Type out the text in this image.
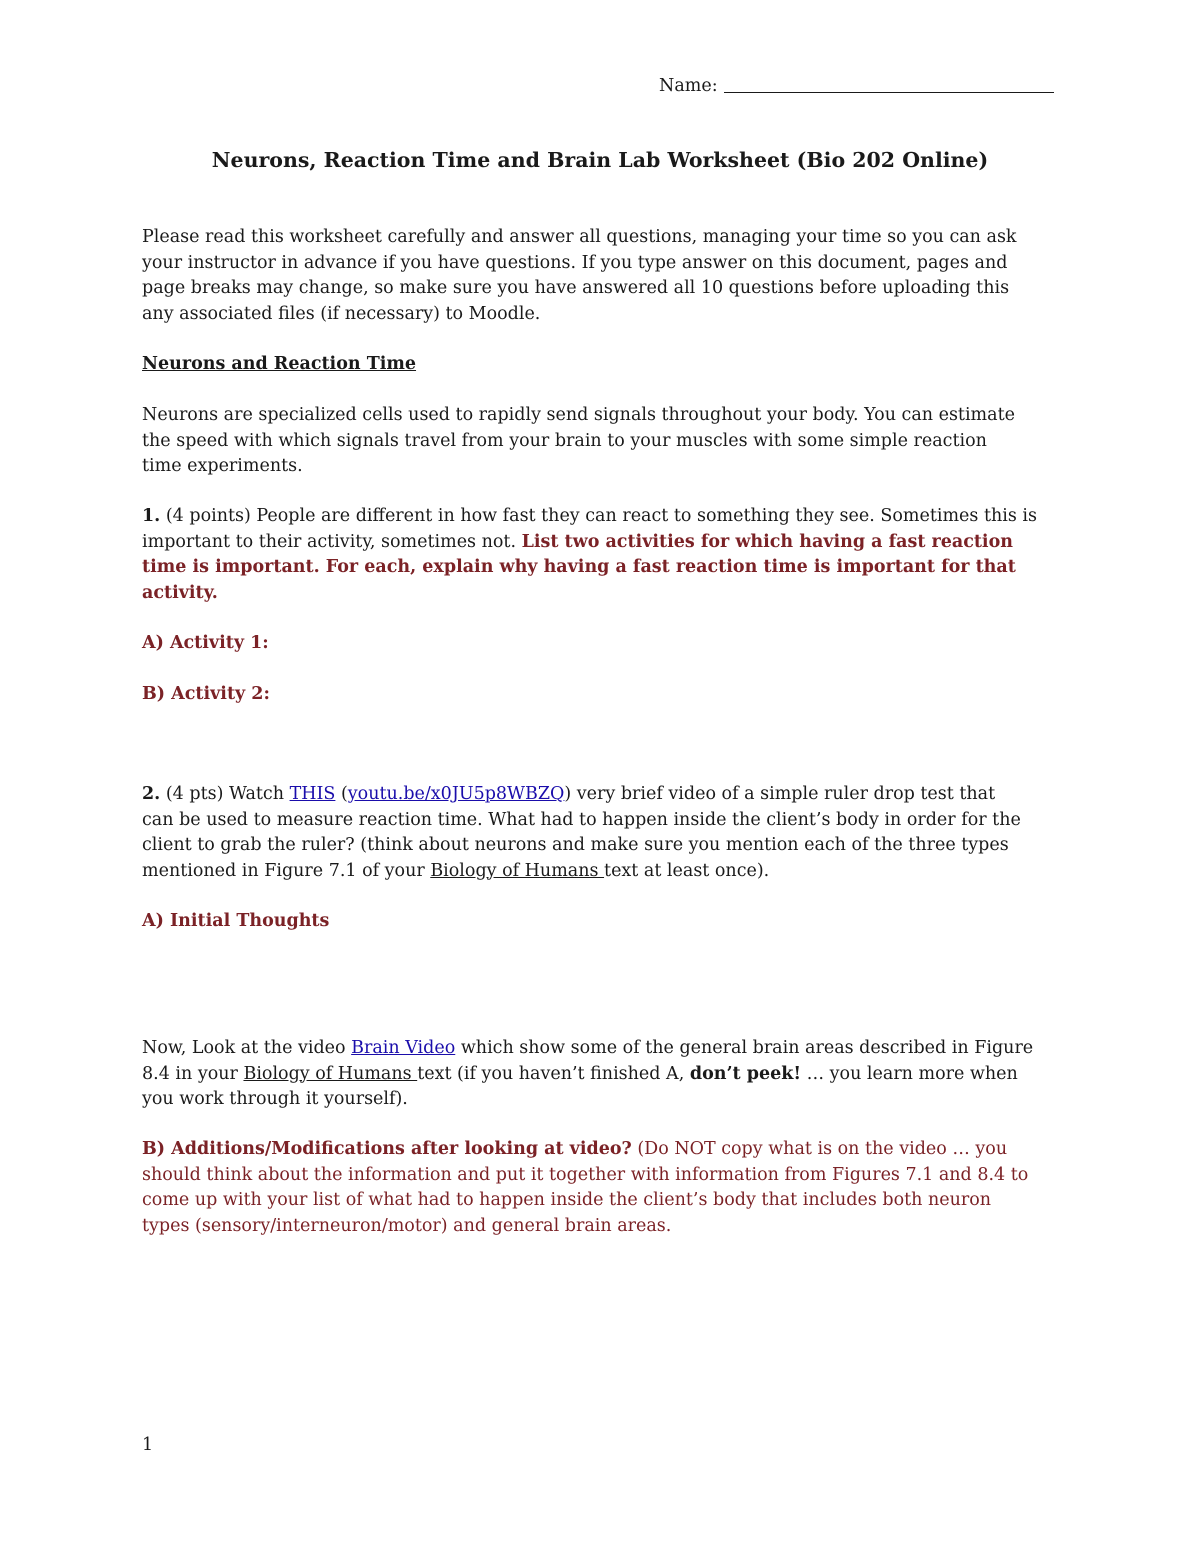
Name:
Neurons, Reaction Time and Brain Lab Worksheet (Bio 202 Online)

Please read this worksheet carefully and answer all questions, managing your time so you can ask

your instructor in advance if you have questions. If you type answer on this document, pages and

page breaks may change, so make sure you have answered all 10 questions before uploading this

any associated files (if necessary) to Moodle.

Neurons and Reaction Time

Neurons are specialized cells used to rapidly send signals throughout your body. You can estimate

the speed with which signals travel from your brain to your muscles with some simple reaction

time experiments.

1. (4 points) People are different in how fast they can react to something they see. Sometimes this is

important to their activity, sometimes not. List two activities for which having a fast reaction

time is important. For each, explain why having a fast reaction time is important for that

activity.

A) Activity 1:
B) Activity 2:

2. (4 pts) Watch THIS (youtu.be/x0JU5p8WBZQ) very brief video of a simple ruler drop test that

can be used to measure reaction time. What had to happen inside the client’s body in order for the

client to grab the ruler? (think about neurons and make sure you mention each of the three types

mentioned in Figure 7.1 of your Biology of Humans text at least once).

A) Initial Thoughts

Now, Look at the video Brain Video which show some of the general brain areas described in Figure

8.4 in your Biology of Humans text (if you haven’t finished A, don’t peek! … you learn more when

you work through it yourself).

B) Additions/Modifications after looking at video? (Do NOT copy what is on the video … you

should think about the information and put it together with information from Figures 7.1 and 8.4 to

come up with your list of what had to happen inside the client’s body that includes both neuron

types (sensory/interneuron/motor) and general brain areas.

1
